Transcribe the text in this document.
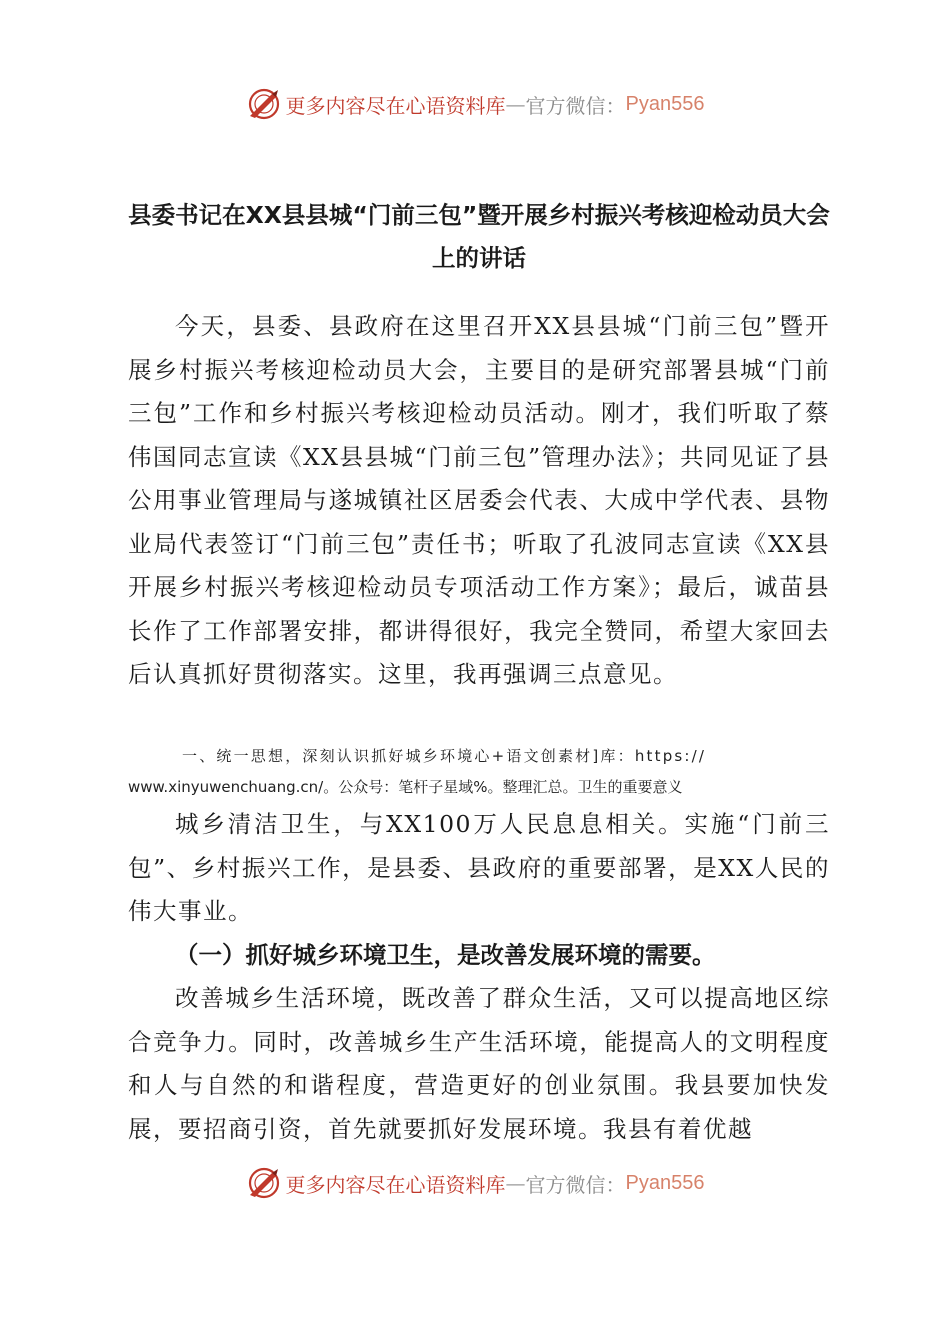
更多内容尽在心语资料库 — 官方微信： Pyan556
县委书记在XX县县城“门前三包”暨开展乡村振兴考核迎检动员大会上的讲话

今天，县委、县政府在这里召开XX县县城“门前三包”暨开展乡村振兴考核迎检动员大会，主要目的是研究部署县城“门前三包”工作和乡村振兴考核迎检动员活动。刚才，我们听取了蔡伟国同志宣读《XX县县城“门前三包”管理办法》；共同见证了县公用事业管理局与遂城镇社区居委会代表、大成中学代表、县物业局代表签订“门前三包”责任书；听取了孔波同志宣读《XX县开展乡村振兴考核迎检动员专项活动工作方案》；最后，诚苗县长作了工作部署安排，都讲得很好，我完全赞同，希望大家回去后认真抓好贯彻落实。这里，我再强调三点意见。

一、统一思想，深刻认识抓好城乡环境心+语文创素材]库：https://
www.xinyuwenchuang.cn/。公众号：笔杆子星域%。整理汇总。卫生的重要意义

城乡清洁卫生，与XX100万人民息息相关。实施“门前三包”、乡村振兴工作，是县委、县政府的重要部署，是XX人民的伟大事业。

（一）抓好城乡环境卫生，是改善发展环境的需要。

改善城乡生活环境，既改善了群众生活，又可以提高地区综合竞争力。同时，改善城乡生产生活环境，能提高人的文明程度和人与自然的和谐程度，营造更好的创业氛围。我县要加快发展，要招商引资，首先就要抓好发展环境。我县有着优越

更多内容尽在心语资料库 — 官方微信： Pyan556
